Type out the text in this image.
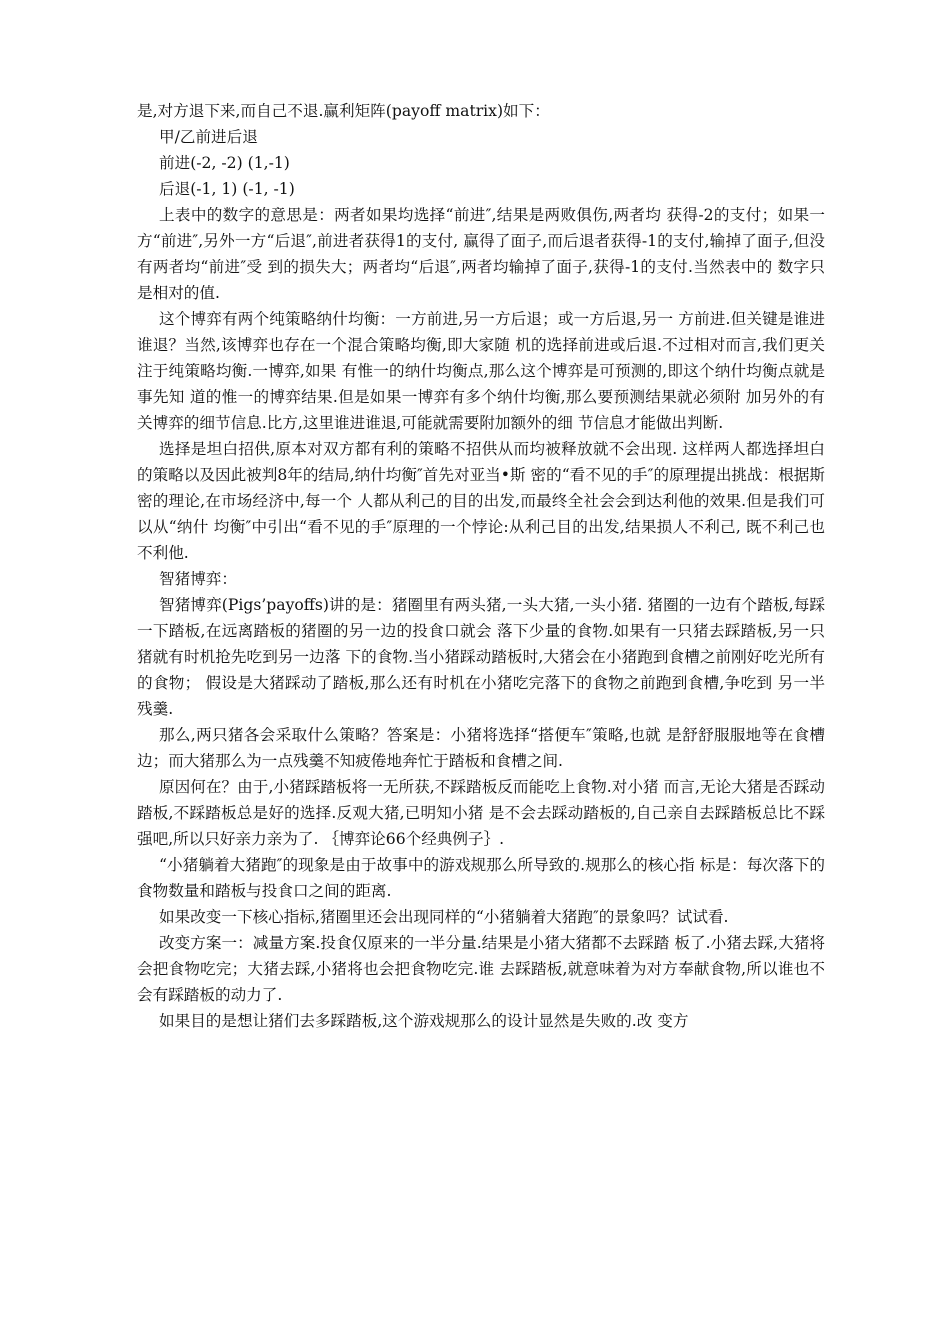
是,对方退下来,而自己不退.赢利矩阵(payoff matrix)如下：

甲/乙前进后退

前进(-2, -2) (1,-1)

后退(-1, 1) (-1, -1)

上表中的数字的意思是：两者如果均选择“前进″,结果是两败俱伤,两者均 获得-2的支付；如果一方“前进″,另外一方“后退″,前进者获得1的支付, 赢得了面子,而后退者获得-1的支付,输掉了面子,但没有两者均“前进″受 到的损失大；两者均“后退″,两者均输掉了面子,获得-1的支付.当然表中的 数字只是相对的值.

这个博弈有两个纯策略纳什均衡：一方前进,另一方后退；或一方后退,另一 方前进.但关键是谁进谁退？当然,该博弈也存在一个混合策略均衡,即大家随 机的选择前进或后退.不过相对而言,我们更关注于纯策略均衡.一博弈,如果 有惟一的纳什均衡点,那么这个博弈是可预测的,即这个纳什均衡点就是事先知 道的惟一的博弈结果.但是如果一博弈有多个纳什均衡,那么要预测结果就必须附 加另外的有关博弈的细节信息.比方,这里谁进谁退,可能就需要附加额外的细 节信息才能做出判断.

选择是坦白招供,原本对双方都有利的策略不招供从而均被释放就不会出现. 这样两人都选择坦白的策略以及因此被判8年的结局,纳什均衡″首先对亚当•斯 密的“看不见的手″的原理提出挑战：根据斯密的理论,在市场经济中,每一个 人都从利己的目的出发,而最终全社会会到达利他的效果.但是我们可以从“纳什 均衡″中引出“看不见的手″原理的一个悖论:从利己目的出发,结果损人不利己, 既不利己也不利他.

智猪博弈：

智猪博弈(Pigs’payoffs)讲的是：猪圈里有两头猪,一头大猪,一头小猪. 猪圈的一边有个踏板,每踩一下踏板,在远离踏板的猪圈的另一边的投食口就会 落下少量的食物.如果有一只猪去踩踏板,另一只猪就有时机抢先吃到另一边落 下的食物.当小猪踩动踏板时,大猪会在小猪跑到食槽之前刚好吃光所有的食物； 假设是大猪踩动了踏板,那么还有时机在小猪吃完落下的食物之前跑到食槽,争吃到 另一半残羹.

那么,两只猪各会采取什么策略？答案是：小猪将选择“搭便车″策略,也就 是舒舒服服地等在食槽边；而大猪那么为一点残羹不知疲倦地奔忙于踏板和食槽之间.

原因何在？由于,小猪踩踏板将一无所获,不踩踏板反而能吃上食物.对小猪 而言,无论大猪是否踩动踏板,不踩踏板总是好的选择.反观大猪,已明知小猪 是不会去踩动踏板的,自己亲自去踩踏板总比不踩强吧,所以只好亲力亲为了. ｛博弈论66个经典例子｝.

“小猪躺着大猪跑″的现象是由于故事中的游戏规那么所导致的.规那么的核心指 标是：每次落下的食物数量和踏板与投食口之间的距离.

如果改变一下核心指标,猪圈里还会出现同样的“小猪躺着大猪跑″的景象吗？试试看.

改变方案一：减量方案.投食仅原来的一半分量.结果是小猪大猪都不去踩踏 板了.小猪去踩,大猪将会把食物吃完；大猪去踩,小猪将也会把食物吃完.谁 去踩踏板,就意味着为对方奉献食物,所以谁也不会有踩踏板的动力了.

如果目的是想让猪们去多踩踏板,这个游戏规那么的设计显然是失败的.改 变方
